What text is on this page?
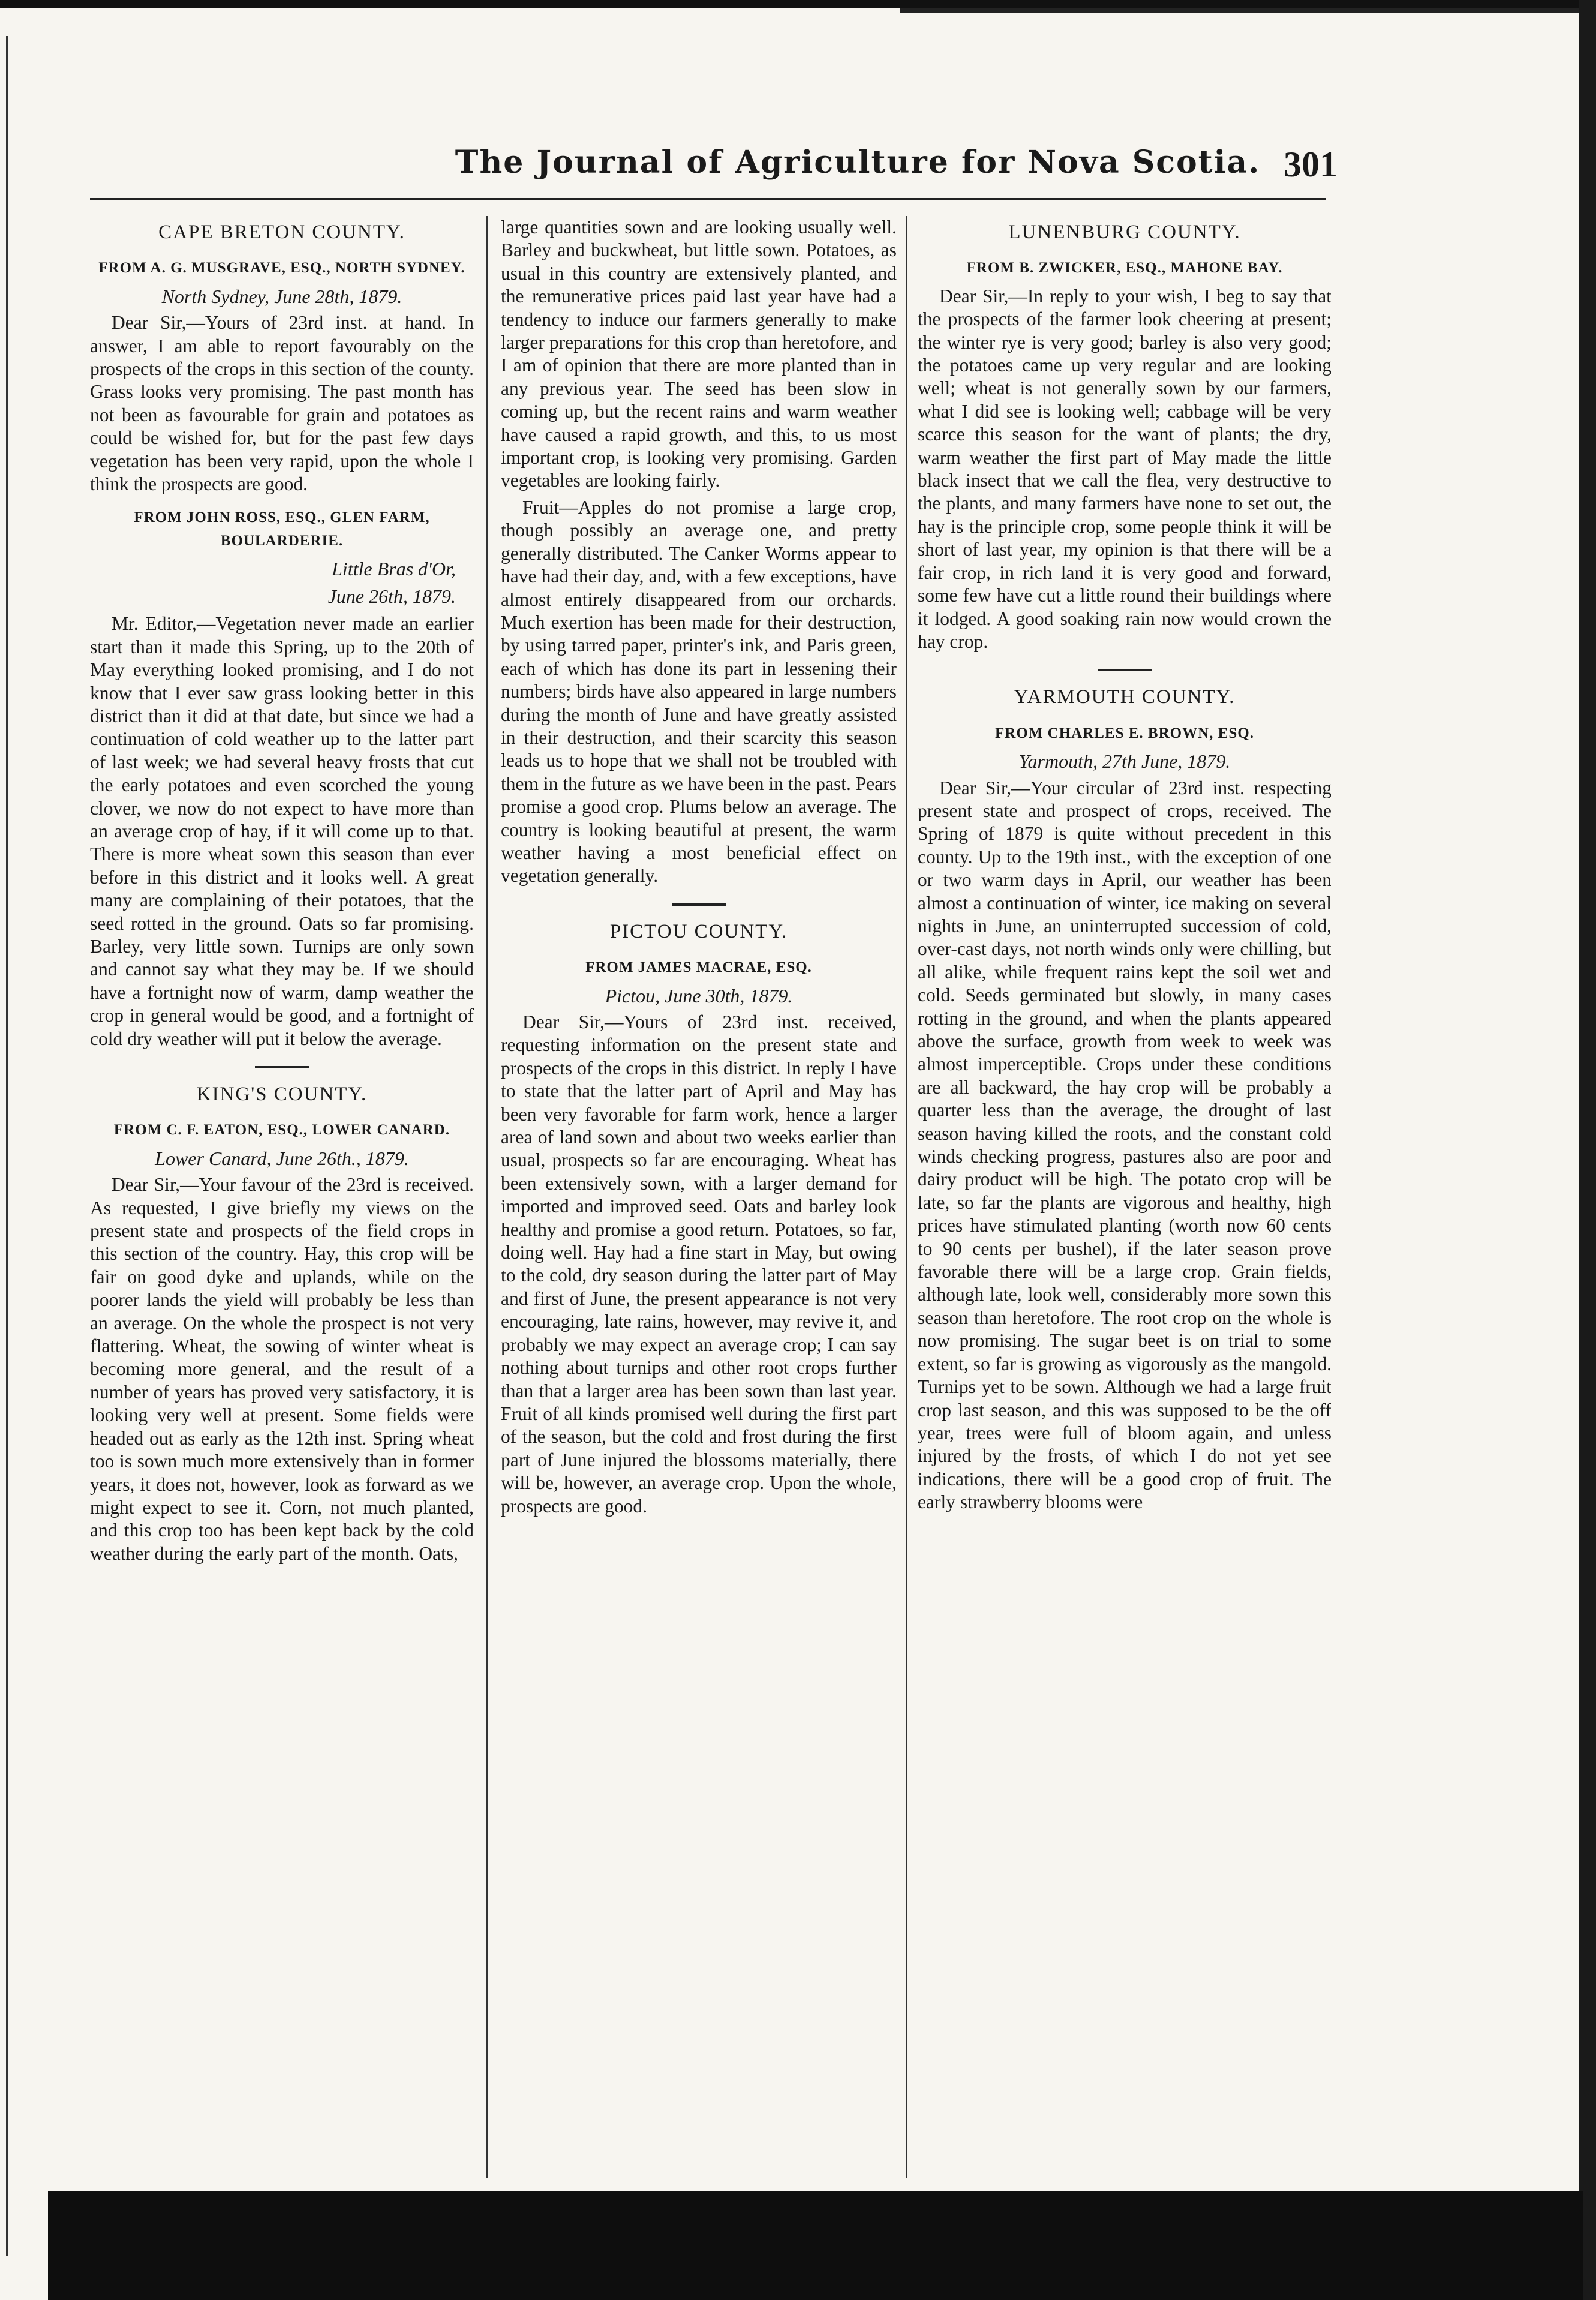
The Journal of Agriculture for Nova Scotia. 301
CAPE BRETON COUNTY.
FROM A. G. MUSGRAVE, ESQ., NORTH SYDNEY.
North Sydney, June 28th, 1879.

Dear Sir,—Yours of 23rd inst. at hand. In answer, I am able to report favourably on the prospects of the crops in this section of the county. Grass looks very promising. The past month has not been as favourable for grain and potatoes as could be wished for, but for the past few days vegetation has been very rapid, upon the whole I think the prospects are good.

FROM JOHN ROSS, ESQ., GLEN FARM, BOULARDERIE.
Little Bras d'Or,
June 26th, 1879.

Mr. Editor,—Vegetation never made an earlier start than it made this Spring, up to the 20th of May everything looked promising, and I do not know that I ever saw grass looking better in this district than it did at that date, but since we had a continuation of cold weather up to the latter part of last week; we had several heavy frosts that cut the early potatoes and even scorched the young clover, we now do not expect to have more than an average crop of hay, if it will come up to that. There is more wheat sown this season than ever before in this district and it looks well. A great many are complaining of their potatoes, that the seed rotted in the ground. Oats so far promising. Barley, very little sown. Turnips are only sown and cannot say what they may be. If we should have a fortnight now of warm, damp weather the crop in general would be good, and a fortnight of cold dry weather will put it below the average.

KING'S COUNTY.
FROM C. F. EATON, ESQ., LOWER CANARD.
Lower Canard, June 26th., 1879.

Dear Sir,—Your favour of the 23rd is received. As requested, I give briefly my views on the present state and prospects of the field crops in this section of the country. Hay, this crop will be fair on good dyke and uplands, while on the poorer lands the yield will probably be less than an average. On the whole the prospect is not very flattering. Wheat, the sowing of winter wheat is becoming more general, and the result of a number of years has proved very satisfactory, it is looking very well at present. Some fields were headed out as early as the 12th inst. Spring wheat too is sown much more extensively than in former years, it does not, however, look as forward as we might expect to see it. Corn, not much planted, and this crop too has been kept back by the cold weather during the early part of the month. Oats,

large quantities sown and are looking usually well. Barley and buckwheat, but little sown. Potatoes, as usual in this country are extensively planted, and the remunerative prices paid last year have had a tendency to induce our farmers generally to make larger preparations for this crop than heretofore, and I am of opinion that there are more planted than in any previous year. The seed has been slow in coming up, but the recent rains and warm weather have caused a rapid growth, and this, to us most important crop, is looking very promising. Garden vegetables are looking fairly.

Fruit—Apples do not promise a large crop, though possibly an average one, and pretty generally distributed. The Canker Worms appear to have had their day, and, with a few exceptions, have almost entirely disappeared from our orchards. Much exertion has been made for their destruction, by using tarred paper, printer's ink, and Paris green, each of which has done its part in lessening their numbers; birds have also appeared in large numbers during the month of June and have greatly assisted in their destruction, and their scarcity this season leads us to hope that we shall not be troubled with them in the future as we have been in the past. Pears promise a good crop. Plums below an average. The country is looking beautiful at present, the warm weather having a most beneficial effect on vegetation generally.

PICTOU COUNTY.
FROM JAMES MACRAE, ESQ.
Pictou, June 30th, 1879.

Dear Sir,—Yours of 23rd inst. received, requesting information on the present state and prospects of the crops in this district. In reply I have to state that the latter part of April and May has been very favorable for farm work, hence a larger area of land sown and about two weeks earlier than usual, prospects so far are encouraging. Wheat has been extensively sown, with a larger demand for imported and improved seed. Oats and barley look healthy and promise a good return. Potatoes, so far, doing well. Hay had a fine start in May, but owing to the cold, dry season during the latter part of May and first of June, the present appearance is not very encouraging, late rains, however, may revive it, and probably we may expect an average crop; I can say nothing about turnips and other root crops further than that a larger area has been sown than last year. Fruit of all kinds promised well during the first part of the season, but the cold and frost during the first part of June injured the blossoms materially, there will be, however, an average crop. Upon the whole, prospects are good.

LUNENBURG COUNTY.
FROM B. ZWICKER, ESQ., MAHONE BAY.

Dear Sir,—In reply to your wish, I beg to say that the prospects of the farmer look cheering at present; the winter rye is very good; barley is also very good; the potatoes came up very regular and are looking well; wheat is not generally sown by our farmers, what I did see is looking well; cabbage will be very scarce this season for the want of plants; the dry, warm weather the first part of May made the little black insect that we call the flea, very destructive to the plants, and many farmers have none to set out, the hay is the principle crop, some people think it will be short of last year, my opinion is that there will be a fair crop, in rich land it is very good and forward, some few have cut a little round their buildings where it lodged. A good soaking rain now would crown the hay crop.

YARMOUTH COUNTY.
FROM CHARLES E. BROWN, ESQ.
Yarmouth, 27th June, 1879.

Dear Sir,—Your circular of 23rd inst. respecting present state and prospect of crops, received. The Spring of 1879 is quite without precedent in this county. Up to the 19th inst., with the exception of one or two warm days in April, our weather has been almost a continuation of winter, ice making on several nights in June, an uninterrupted succession of cold, over-cast days, not north winds only were chilling, but all alike, while frequent rains kept the soil wet and cold. Seeds germinated but slowly, in many cases rotting in the ground, and when the plants appeared above the surface, growth from week to week was almost imperceptible. Crops under these conditions are all backward, the hay crop will be probably a quarter less than the average, the drought of last season having killed the roots, and the constant cold winds checking progress, pastures also are poor and dairy product will be high. The potato crop will be late, so far the plants are vigorous and healthy, high prices have stimulated planting (worth now 60 cents to 90 cents per bushel), if the later season prove favorable there will be a large crop. Grain fields, although late, look well, considerably more sown this season than heretofore. The root crop on the whole is now promising. The sugar beet is on trial to some extent, so far is growing as vigorously as the mangold. Turnips yet to be sown. Although we had a large fruit crop last season, and this was supposed to be the off year, trees were full of bloom again, and unless injured by the frosts, of which I do not yet see indications, there will be a good crop of fruit. The early strawberry blooms were
